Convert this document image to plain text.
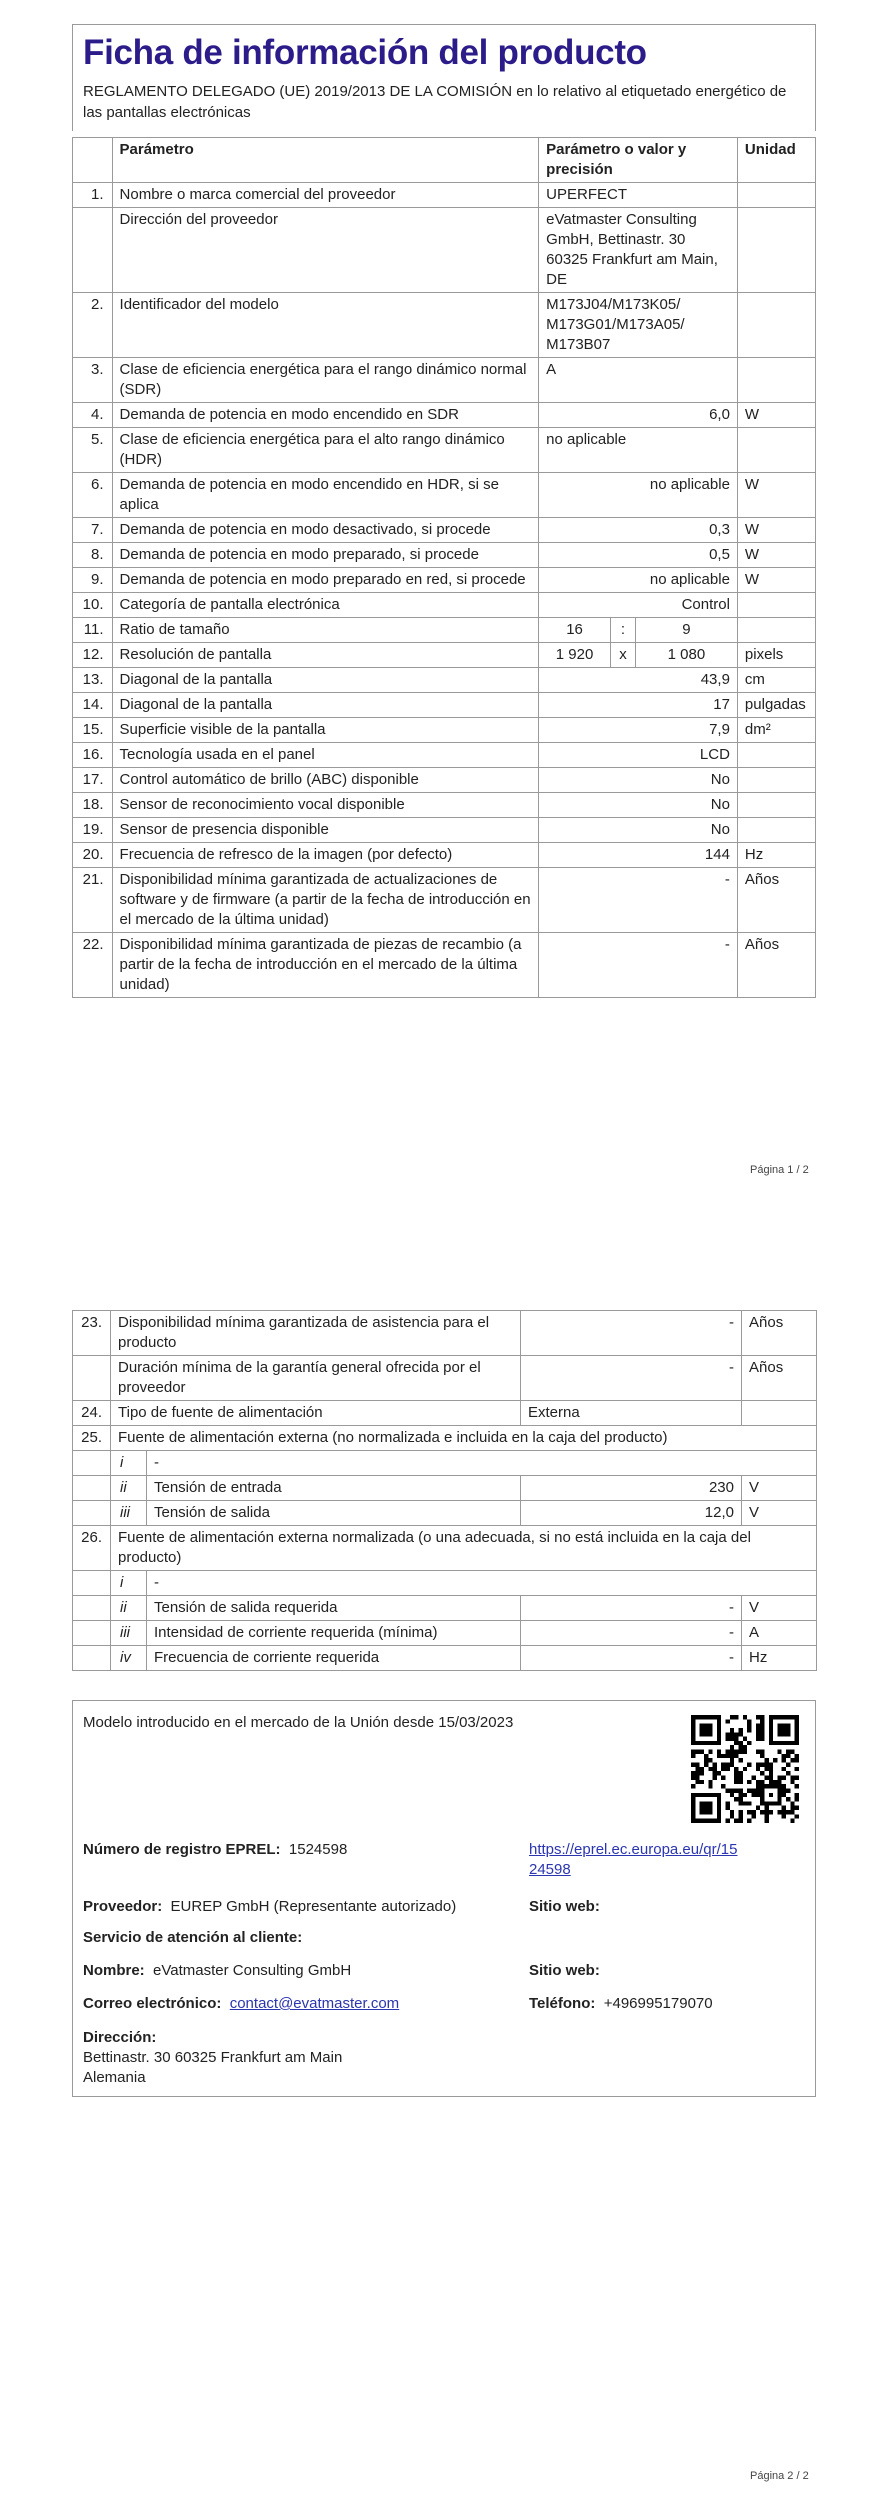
Ficha de información del producto
REGLAMENTO DELEGADO (UE) 2019/2013 DE LA COMISIÓN en lo relativo al etiquetado energético de las pantallas electrónicas
	Parámetro	Parámetro o valor y precisión			Unidad
1.	Nombre o marca comercial del proveedor	UPERFECT			
	Dirección del proveedor	eVatmaster Consulting GmbH, Bettinastr. 30 60325 Frankfurt am Main, DE			
2.	Identificador del modelo	M173J04/M173K05/ M173G01/M173A05/ M173B07			
3.	Clase de eficiencia energética para el rango dinámico normal (SDR)	A			
4.	Demanda de potencia en modo encendido en SDR	6,0			W
5.	Clase de eficiencia energética para el alto rango dinámico (HDR)	no aplicable			
6.	Demanda de potencia en modo encendido en HDR, si se aplica	no aplicable			W
7.	Demanda de potencia en modo desactivado, si procede	0,3			W
8.	Demanda de potencia en modo preparado, si procede	0,5			W
9.	Demanda de potencia en modo preparado en red, si procede	no aplicable			W
10.	Categoría de pantalla electrónica	Control			
11.	Ratio de tamaño	16	:	9	
12.	Resolución de pantalla	1 920	x	1 080	pixels
13.	Diagonal de la pantalla	43,9			cm
14.	Diagonal de la pantalla	17			pulgadas
15.	Superficie visible de la pantalla	7,9			dm²
16.	Tecnología usada en el panel	LCD			
17.	Control automático de brillo (ABC) disponible	No			
18.	Sensor de reconocimiento vocal disponible	No			
19.	Sensor de presencia disponible	No			
20.	Frecuencia de refresco de la imagen (por defecto)	144			Hz
21.	Disponibilidad mínima garantizada de actualizaciones de software y de firmware (a partir de la fecha de introducción en el mercado de la última unidad)	-			Años
22.	Disponibilidad mínima garantizada de piezas de recambio (a partir de la fecha de introducción en el mercado de la última unidad)	-			Años
Página 1 / 2
23.	Disponibilidad mínima garantizada de asistencia para el producto		-	Años
	Duración mínima de la garantía general ofrecida por el proveedor		-	Años
24.	Tipo de fuente de alimentación		Externa	
25.	Fuente de alimentación externa (no normalizada e incluida en la caja del producto)			
	i	-		
	ii	Tensión de entrada	230	V
	iii	Tensión de salida	12,0	V
26.	Fuente de alimentación externa normalizada (o una adecuada, si no está incluida en la caja del producto)			
	i	-		
	ii	Tensión de salida requerida	-	V
	iii	Intensidad de corriente requerida (mínima)	-	A
	iv	Frecuencia de corriente requerida	-	Hz
Modelo introducido en el mercado de la Unión desde 15/03/2023
Número de registro EPREL: 1524598	https://eprel.ec.europa.eu/qr/15
24598
Proveedor: EUREP GmbH (Representante autorizado)	Sitio web:
Servicio de atención al cliente:
Nombre: eVatmaster Consulting GmbH	Sitio web:
Correo electrónico: contact@evatmaster.com	Teléfono: +496995179070
Dirección:
Bettinastr. 30 60325 Frankfurt am Main
Alemania
Página 2 / 2
